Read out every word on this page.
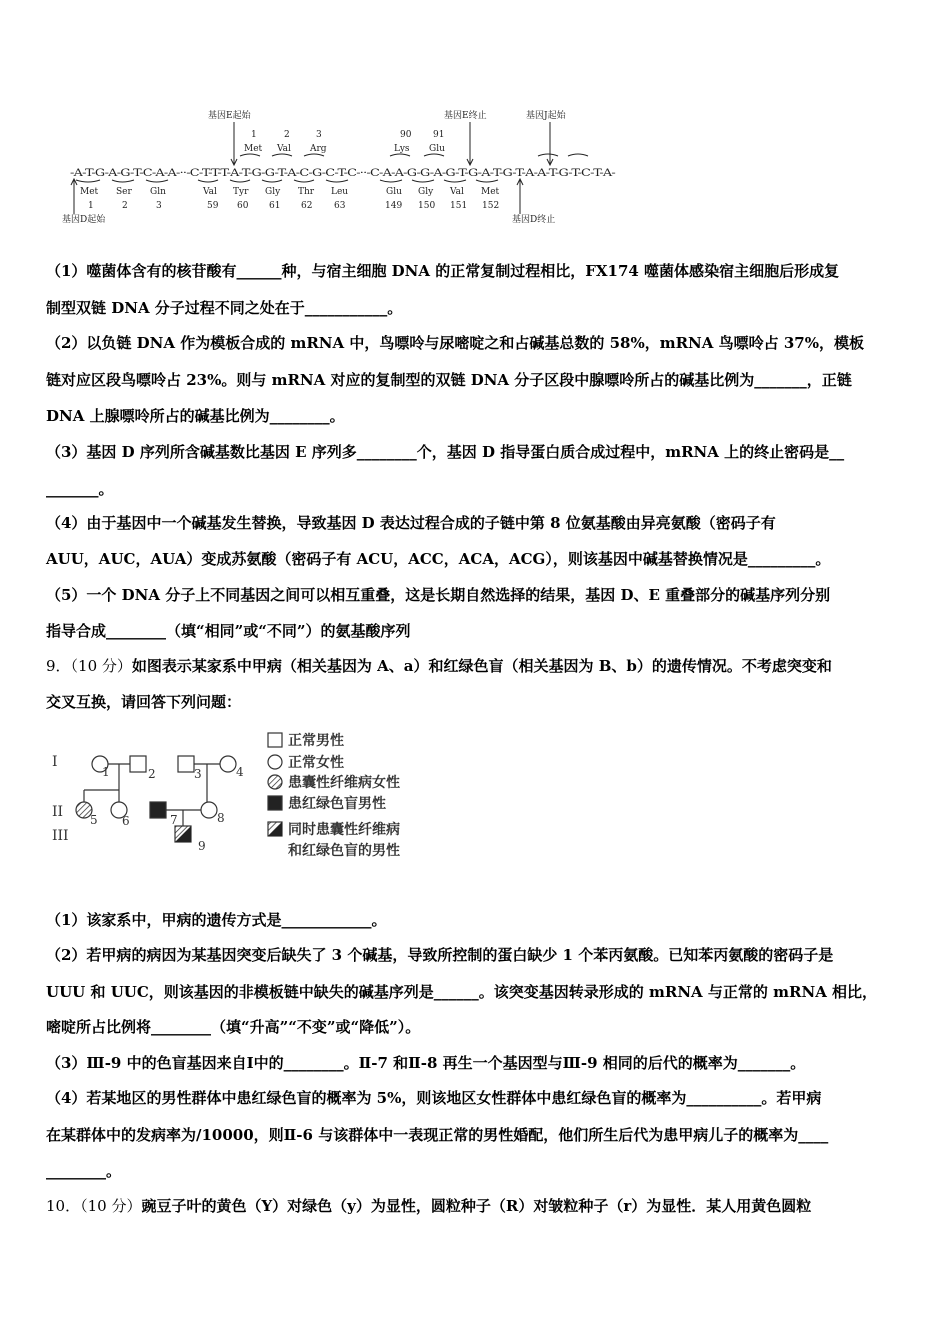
基因E起始	基因E终止	基因J起始
1	2	3	90 91
Met Val Arg	Lys Glu
-A-T-G-A-G-T-C-A-A-··-C-T-T-T-A-T-G-G-T-A-C-G-C-T-C-··-C-A-A-G-G-A-G-T-G-A-T-G-T-A-A-T-G-T-C-T-A-
Met Ser Gln	Val Tyr Gly Thr Leu	Glu Gly Val Met
1	2	3	59 60 61 62 63	149 150 151 152
基因D起始	基因D终止
（1）噬菌体含有的核苷酸有______种，与宿主细胞 DNA 的正常复制过程相比，FX174 噬菌体感染宿主细胞后形成复
制型双链 DNA 分子过程不同之处在于___________。
（2）以负链 DNA 作为模板合成的 mRNA 中，鸟嘌呤与尿嘧啶之和占碱基总数的 58%，mRNA 鸟嘌呤占 37%，模板
链对应区段鸟嘌呤占 23%。则与 mRNA 对应的复制型的双链 DNA 分子区段中腺嘌呤所占的碱基比例为_______，正链
DNA 上腺嘌呤所占的碱基比例为________。
（3）基因 D 序列所含碱基数比基因 E 序列多________个，基因 D 指导蛋白质合成过程中，mRNA 上的终止密码是__
_______。
（4）由于基因中一个碱基发生替换，导致基因 D 表达过程合成的子链中第 8 位氨基酸由异亮氨酸（密码子有
AUU，AUC，AUA）变成苏氨酸（密码子有 ACU，ACC，ACA，ACG），则该基因中碱基替换情况是_________。
（5）一个 DNA 分子上不同基因之间可以相互重叠，这是长期自然选择的结果，基因 D、E 重叠部分的碱基序列分别
指导合成________（填“相同”或“不同”）的氨基酸序列
9．（10 分）如图表示某家系中甲病（相关基因为 A、a）和红绿色盲（相关基因为 B、b）的遗传情况。不考虑突变和
交叉互换，请回答下列问题：
I
II
III
1	2	3	4
5 6	7	8
9
正常男性
正常女性
患囊性纤维病女性
患红绿色盲男性
同时患囊性纤维病
和红绿色盲的男性
（1）该家系中，甲病的遗传方式是____________。
（2）若甲病的病因为某基因突变后缺失了 3 个碱基，导致所控制的蛋白缺少 1 个苯丙氨酸。已知苯丙氨酸的密码子是
UUU 和 UUC，则该基因的非模板链中缺失的碱基序列是______。该突变基因转录形成的 mRNA 与正常的 mRNA 相比，
嘧啶所占比例将________（填“升高”“不变”或“降低”）。
（3）Ⅲ-9 中的色盲基因来自Ⅰ中的________。Ⅱ-7 和Ⅱ-8 再生一个基因型与Ⅲ-9 相同的后代的概率为_______。
（4）若某地区的男性群体中患红绿色盲的概率为 5%，则该地区女性群体中患红绿色盲的概率为__________。若甲病
在某群体中的发病率为/10000，则Ⅱ-6 与该群体中一表现正常的男性婚配，他们所生后代为患甲病儿子的概率为____
________。
10．（10 分）豌豆子叶的黄色（Y）对绿色（y）为显性，圆粒种子（R）对皱粒种子（r）为显性．某人用黄色圆粒
